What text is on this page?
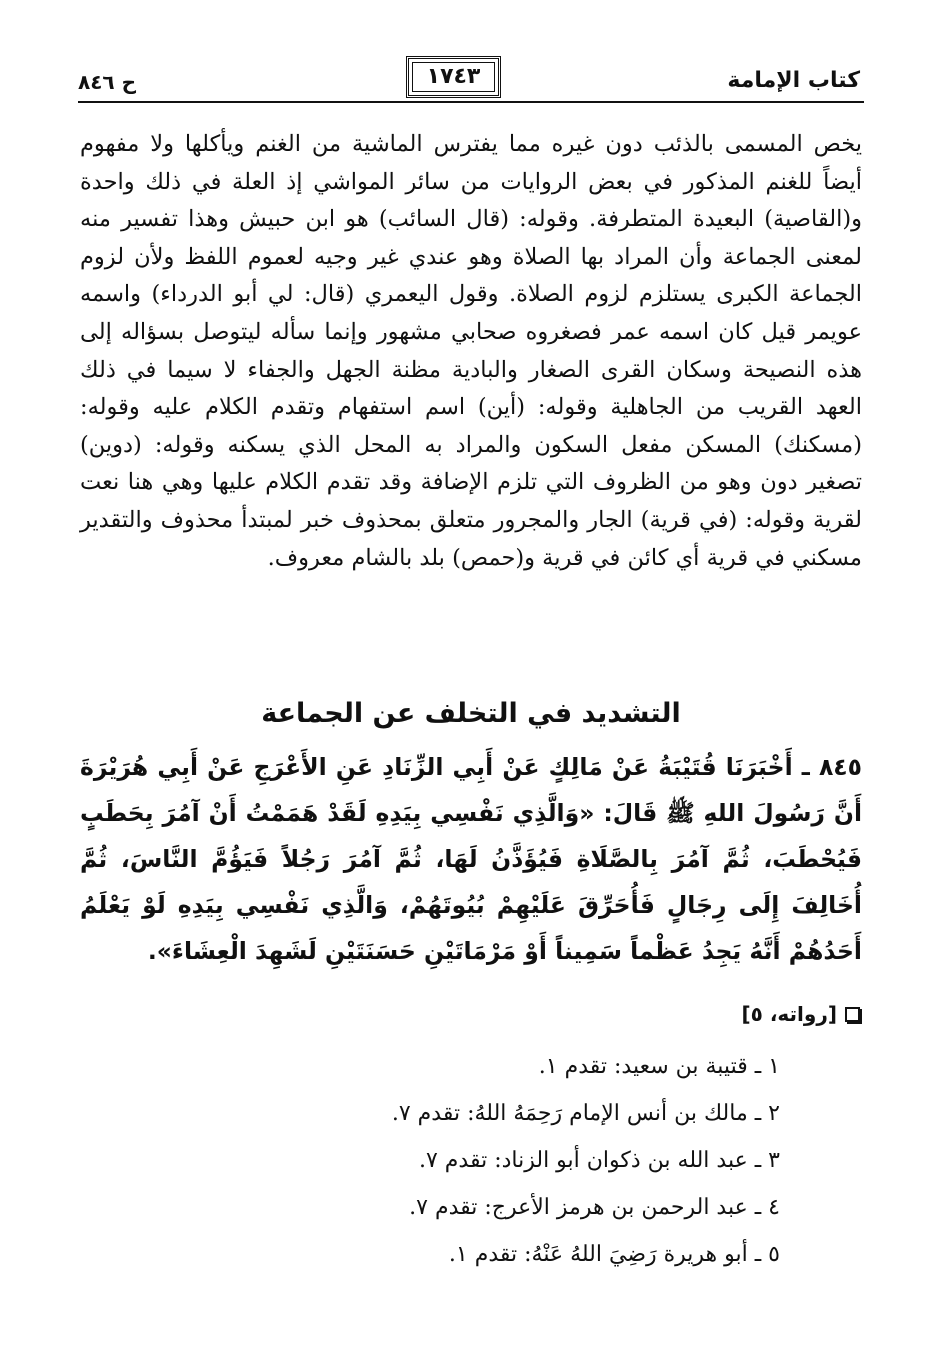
كتاب الإمامة
١٧٤٣
ح ٨٤٦

يخص المسمى بالذئب دون غيره مما يفترس الماشية من الغنم ويأكلها ولا مفهوم أيضاً للغنم المذكور في بعض الروايات من سائر المواشي إذ العلة في ذلك واحدة و(القاصية) البعيدة المتطرفة. وقوله: (قال السائب) هو ابن حبيش وهذا تفسير منه لمعنى الجماعة وأن المراد بها الصلاة وهو عندي غير وجيه لعموم اللفظ ولأن لزوم الجماعة الكبرى يستلزم لزوم الصلاة. وقول اليعمري (قال: لي أبو الدرداء) واسمه عويمر قيل كان اسمه عمر فصغروه صحابي مشهور وإنما سأله ليتوصل بسؤاله إلى هذه النصيحة وسكان القرى الصغار والبادية مظنة الجهل والجفاء لا سيما في ذلك العهد القريب من الجاهلية وقوله: (أين) اسم استفهام وتقدم الكلام عليه وقوله: (مسكنك) المسكن مفعل السكون والمراد به المحل الذي يسكنه وقوله: (دوين) تصغير دون وهو من الظروف التي تلزم الإضافة وقد تقدم الكلام عليها وهي هنا نعت لقرية وقوله: (في قرية) الجار والمجرور متعلق بمحذوف خبر لمبتدأ محذوف والتقدير مسكني في قرية أي كائن في قرية و(حمص) بلد بالشام معروف.

التشديد في التخلف عن الجماعة

٨٤٥ ـ أَخْبَرَنَا قُتَيْبَةُ عَنْ مَالِكٍ عَنْ أَبِي الزِّنَادِ عَنِ الأَعْرَجِ عَنْ أَبِي هُرَيْرَةَ أَنَّ رَسُولَ اللهِ ﷺ قَالَ: «وَالَّذِي نَفْسِي بِيَدِهِ لَقَدْ هَمَمْتُ أَنْ آمُرَ بِحَطَبٍ فَيُحْطَبَ، ثُمَّ آمُرَ بِالصَّلَاةِ فَيُؤَذَّنُ لَهَا، ثُمَّ آمُرَ رَجُلاً فَيَؤُمَّ النَّاسَ، ثُمَّ أُخَالِفَ إِلَى رِجَالٍ فَأُحَرِّقَ عَلَيْهِمْ بُيُوتَهُمْ، وَالَّذِي نَفْسِي بِيَدِهِ لَوْ يَعْلَمُ أَحَدُهُمْ أَنَّهُ يَجِدُ عَظْماً سَمِيناً أَوْ مَرْمَاتَيْنِ حَسَنَتَيْنِ لَشَهِدَ الْعِشَاءَ».

[رواته، ٥]
١ ـ قتيبة بن سعيد: تقدم ١.
٢ ـ مالك بن أنس الإمام رَحِمَهُ اللهُ: تقدم ٧.
٣ ـ عبد الله بن ذكوان أبو الزناد: تقدم ٧.
٤ ـ عبد الرحمن بن هرمز الأعرج: تقدم ٧.
٥ ـ أبو هريرة رَضِيَ اللهُ عَنْهُ: تقدم ١.
